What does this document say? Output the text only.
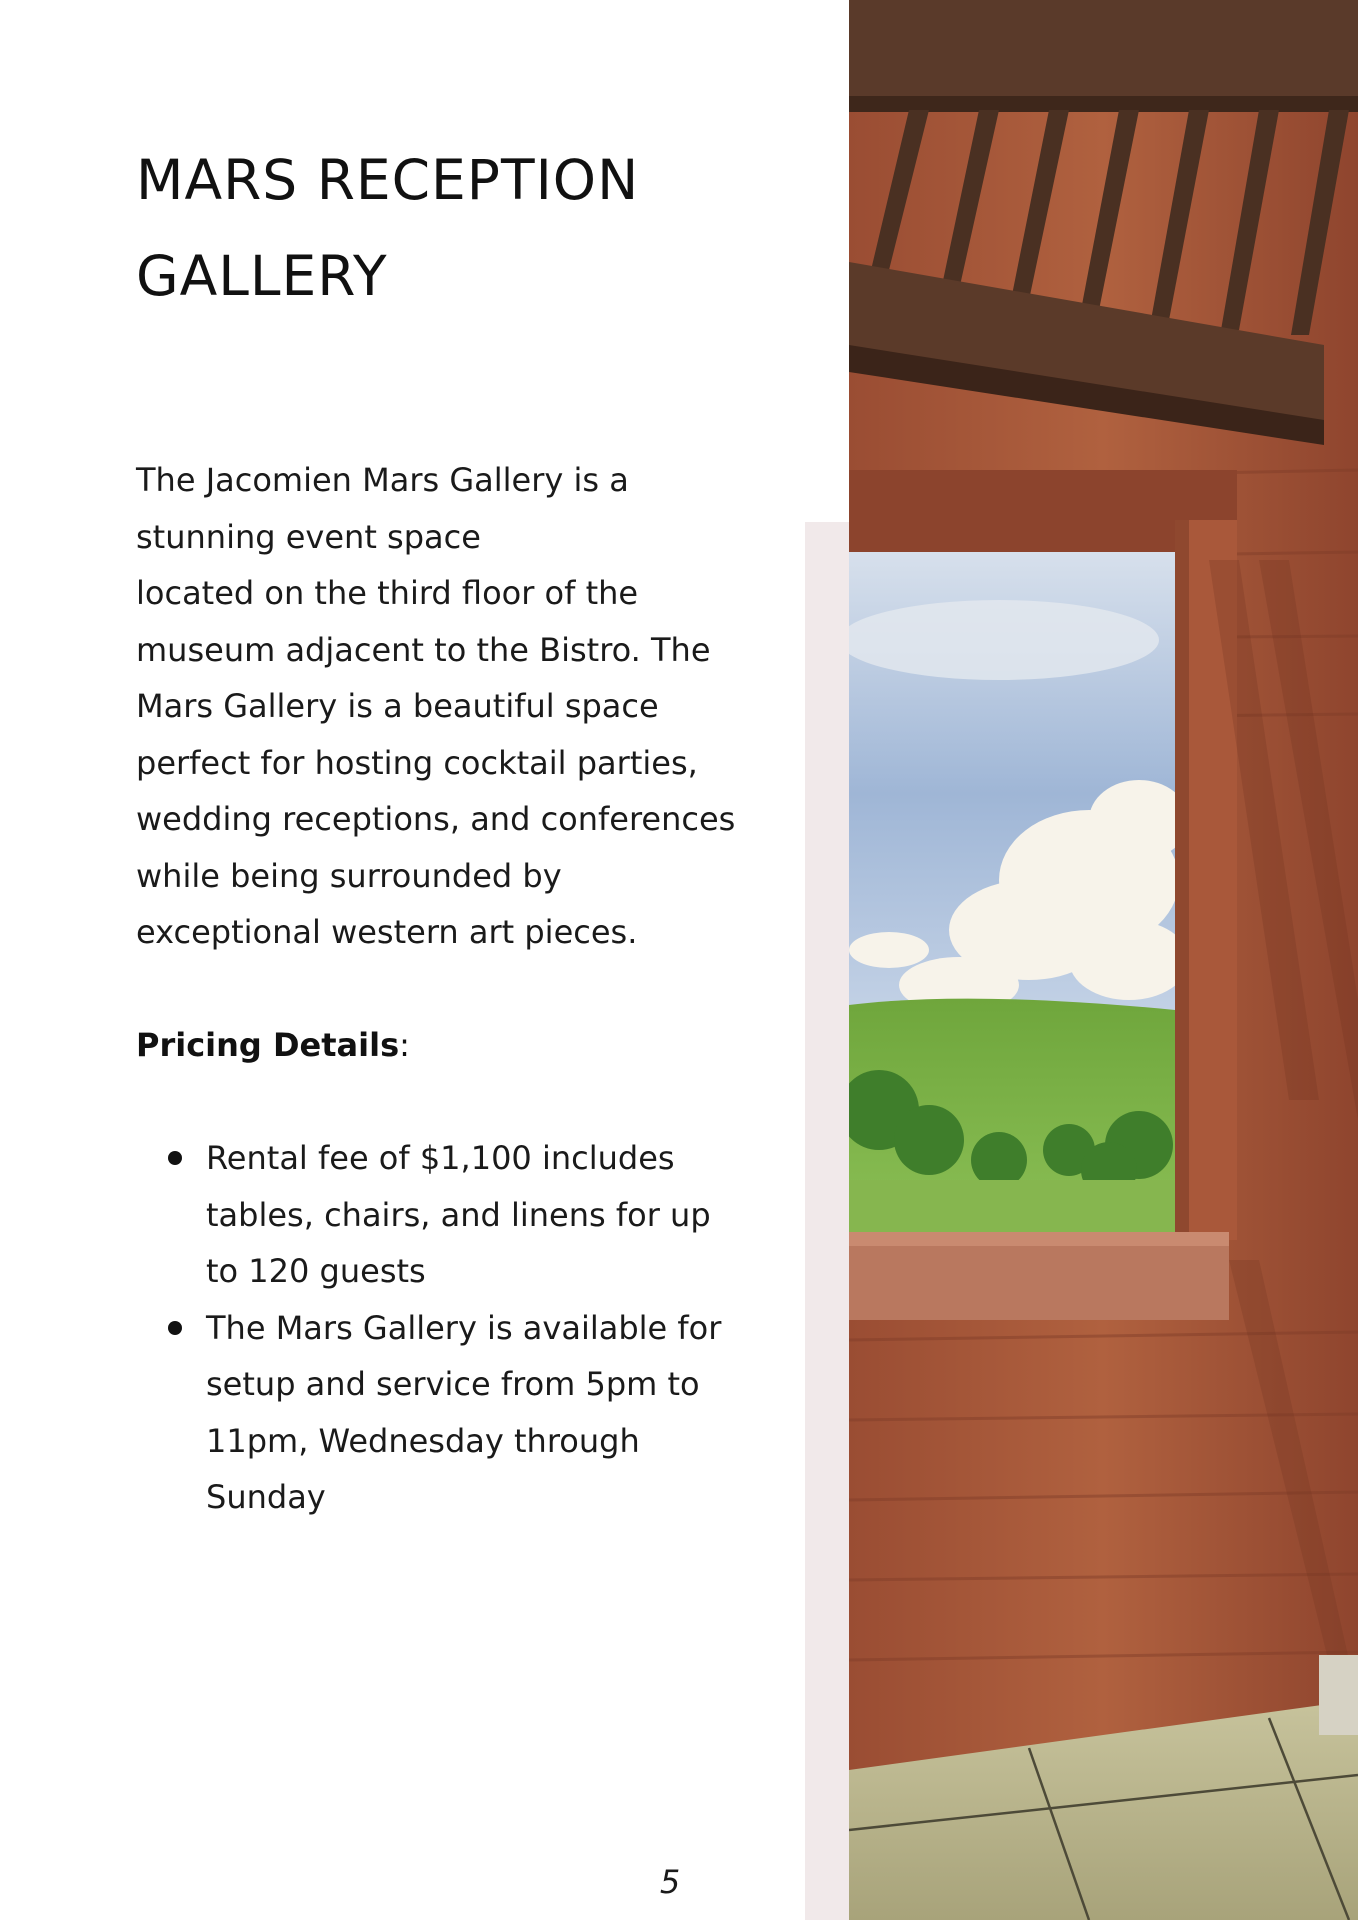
MARS RECEPTION
GALLERY

The Jacomien Mars Gallery is a
stunning event space
located on the third floor of the
museum adjacent to the Bistro. The
Mars Gallery is a beautiful space
perfect for hosting cocktail parties,
wedding receptions, and conferences
while being surrounded by
exceptional western art pieces.

Pricing Details:

Rental fee of $1,100 includes
tables, chairs, and linens for up
to 120 guests
The Mars Gallery is available for
setup and service from 5pm to
11pm, Wednesday through
Sunday
5
